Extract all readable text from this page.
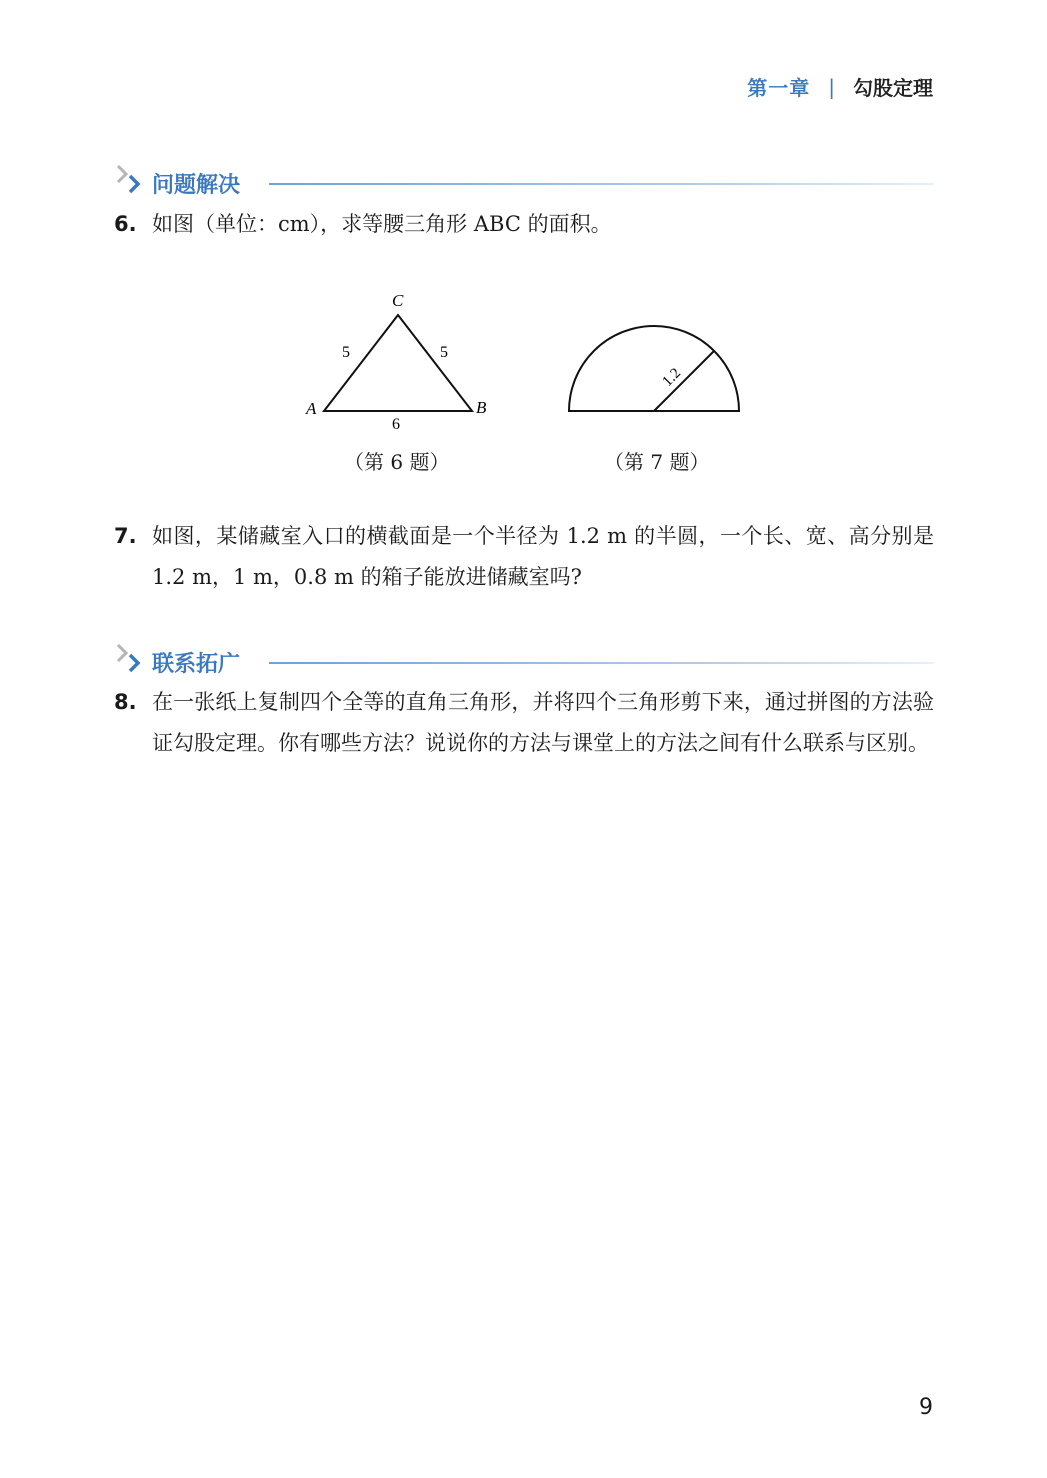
第一章 | 勾股定理
问题解决
6. 如图（单位：cm），求等腰三角形 ABC 的面积。
C
A	B
5	5
6
（第 6 题）
1.2
（第 7 题）
7. 如图，某储藏室入口的横截面是一个半径为 1.2 m 的半圆，一个长、宽、高分别是 1.2 m，1 m，0.8 m 的箱子能放进储藏室吗?
联系拓广
8. 在一张纸上复制四个全等的直角三角形，并将四个三角形剪下来，通过拼图的方法验证勾股定理。你有哪些方法？说说你的方法与课堂上的方法之间有什么联系与区别。
9
